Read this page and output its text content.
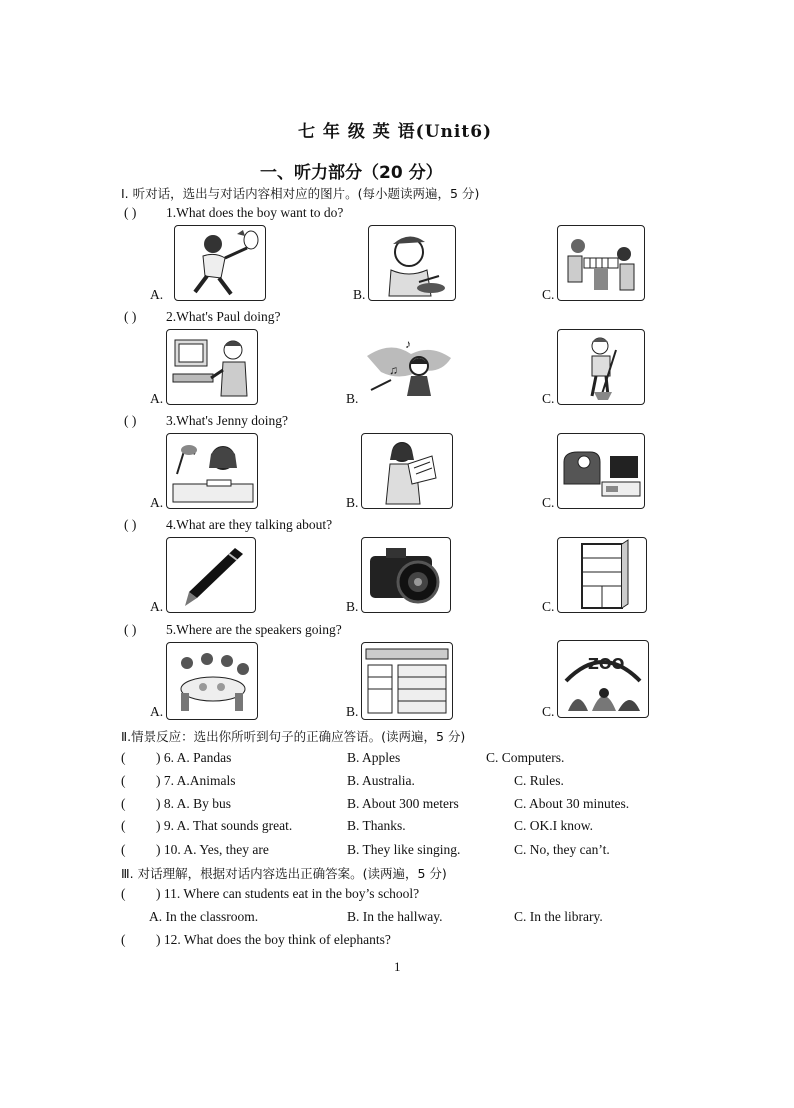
七 年 级 英 语(Unit6)
一、听力部分（20 分）
Ⅰ. 听对话，选出与对话内容相对应的图片。(每小题读两遍，5 分)
( ) 1.What does the boy want to do?
A.	B.	C.
( ) 2.What's Paul doing?
A.	B.
♪
♫
C.
( ) 3.What's Jenny doing?
A.	B.	C.
( ) 4.What are they talking about?
A.	B.	C.
( ) 5.Where are the speakers going?
A.	B.	C.
ZOO
Ⅱ.情景反应：选出你所听到句子的正确应答语。(读两遍，5 分)
( ) 6. A. Pandas	B. Apples	C. Computers.
( ) 7. A.Animals	B. Australia.	C. Rules.
( ) 8. A. By bus	B. About 300 meters	C. About 30 minutes.
( ) 9. A. That sounds great.	B. Thanks.	C. OK.I know.
( ) 10. A. Yes, they are	B. They like singing.	C. No, they can’t.
Ⅲ. 对话理解，根据对话内容选出正确答案。(读两遍，5 分)
( ) 11. Where can students eat in the boy’s school?
A. In the classroom.	B. In the hallway.	C. In the library.
( ) 12. What does the boy think of elephants?
1
